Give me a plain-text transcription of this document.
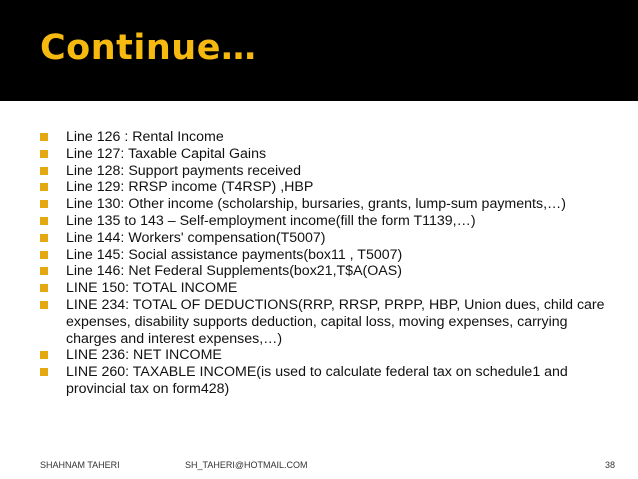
Continue…
Line 126 : Rental Income
Line 127: Taxable Capital Gains
Line 128: Support payments received
Line 129: RRSP income (T4RSP) ,HBP
Line 130: Other income (scholarship, bursaries, grants, lump-sum payments,…)
Line 135 to 143 – Self-employment income(fill the form T1139,…)
Line 144: Workers' compensation(T5007)
Line 145: Social assistance payments(box11 , T5007)
Line 146: Net Federal Supplements(box21,T$A(OAS)
LINE 150: TOTAL INCOME
LINE 234: TOTAL OF DEDUCTIONS(RRP, RRSP, PRPP, HBP, Union dues, child care expenses, disability supports deduction, capital loss, moving expenses, carrying charges and interest expenses,…)
LINE 236: NET INCOME
LINE 260: TAXABLE INCOME(is used to calculate federal tax on schedule1 and provincial tax on form428)
SHAHNAM TAHERI	SH_TAHERI@HOTMAIL.COM	38
